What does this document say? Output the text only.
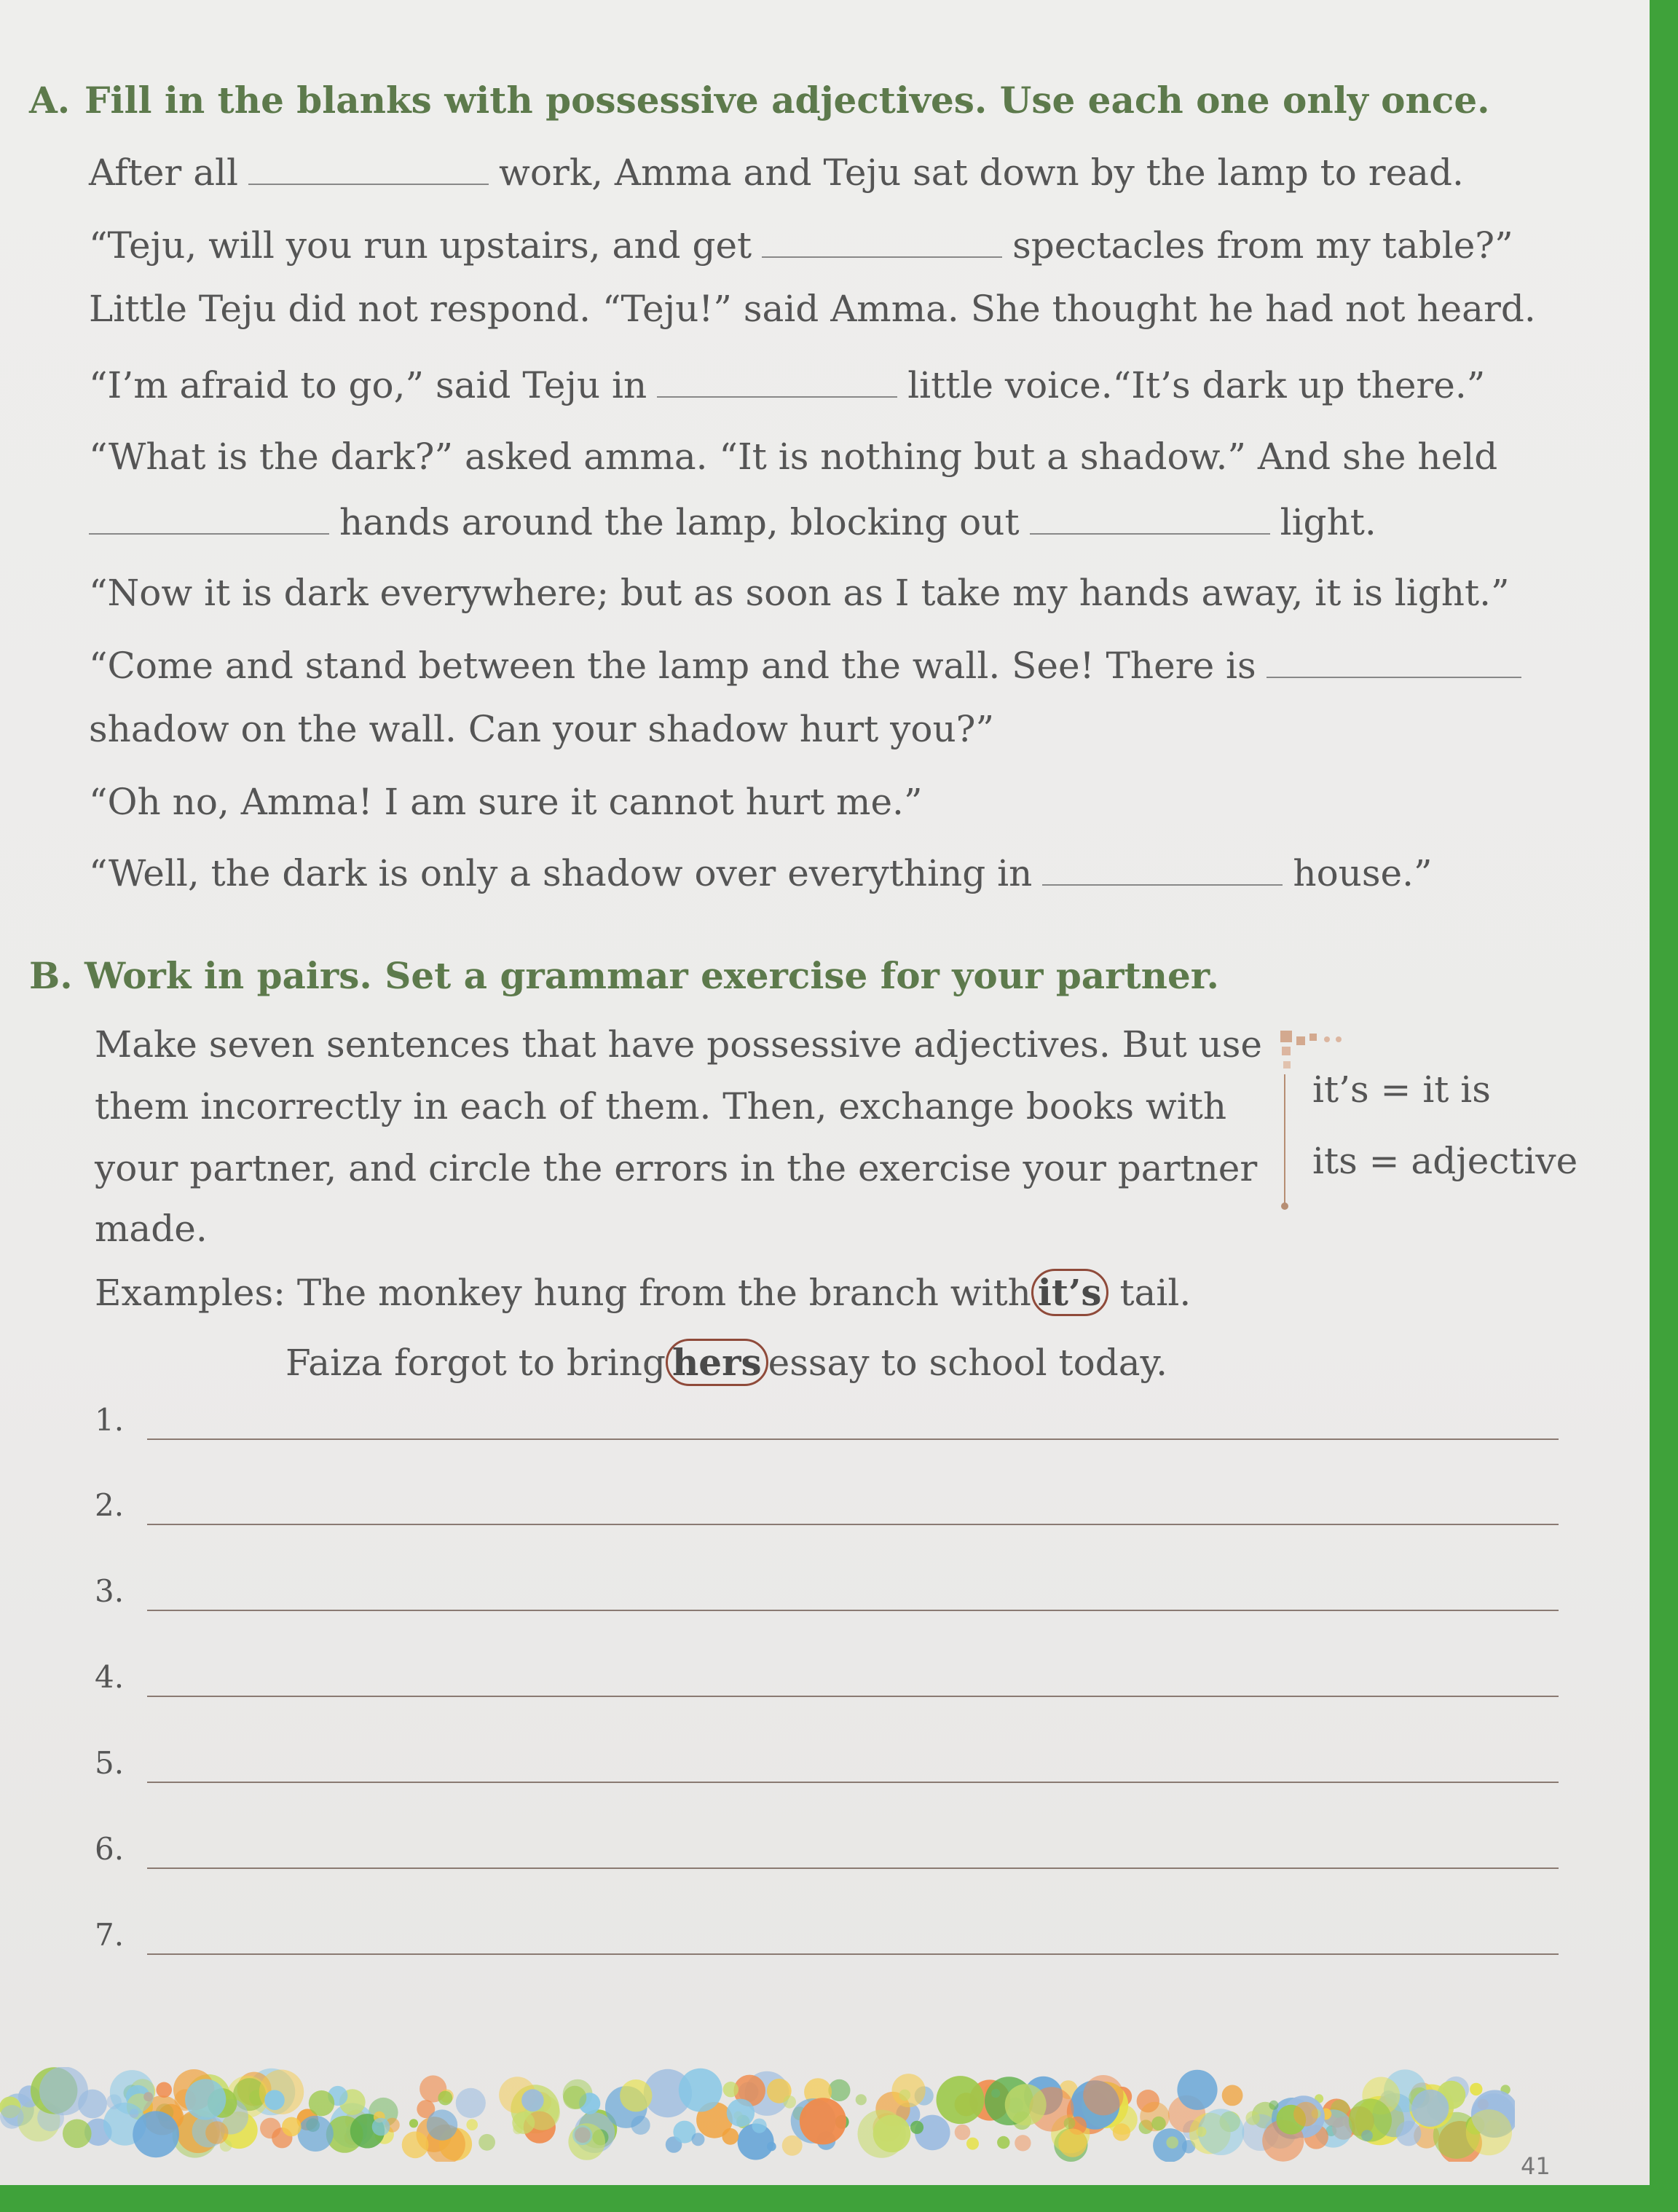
A. Fill in the blanks with possessive adjectives. Use each one only once.
After all	work, Amma and Teju sat down by the lamp to read.
“Teju, will you run upstairs, and get	spectacles from my table?”
Little Teju did not respond. “Teju!” said Amma. She thought he had not heard.
“I’m afraid to go,” said Teju in	little voice.“It’s dark up there.”
“What is the dark?” asked amma. “It is nothing but a shadow.” And she held
hands around the lamp, blocking out	light.
“Now it is dark everywhere; but as soon as I take my hands away, it is light.”
“Come and stand between the lamp and the wall. See! There is
shadow on the wall. Can your shadow hurt you?”
“Oh no, Amma! I am sure it cannot hurt me.”
“Well, the dark is only a shadow over everything in	house.”
B. Work in pairs. Set a grammar exercise for your partner.
Make seven sentences that have possessive adjectives. But use
them incorrectly in each of them. Then, exchange books with
your partner, and circle the errors in the exercise your partner
made.
Examples: The monkey hung from the branch with it’s tail.
Faiza forgot to bring hers essay to school today.
it’s = it is
its = adjective
1.
2.
3.
4.
5.
6.
7.
41
